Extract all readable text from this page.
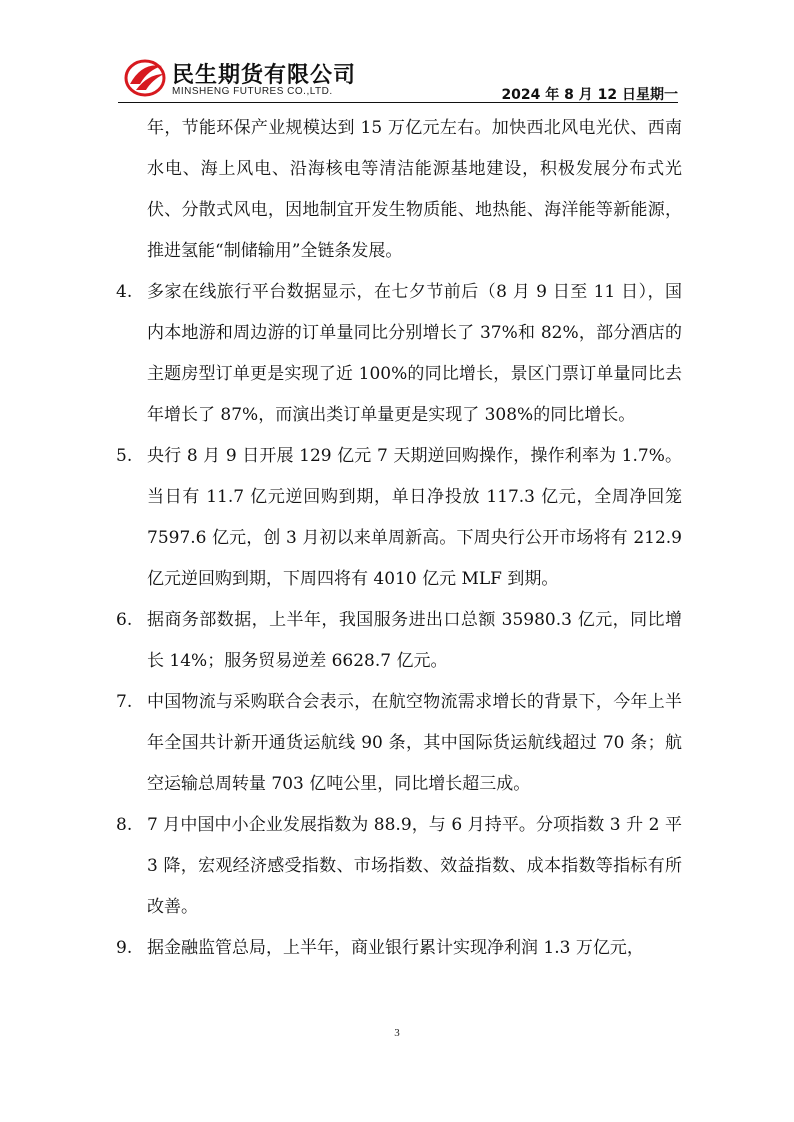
民生期货有限公司
MINSHENG FUTURES CO.,LTD.	2024 年 8 月 12 日星期一
年，节能环保产业规模达到 15 万亿元左右。加快西北风电光伏、西南水电、海上风电、沿海核电等清洁能源基地建设，积极发展分布式光伏、分散式风电，因地制宜开发生物质能、地热能、海洋能等新能源，推进氢能“制储输用”全链条发展。
4. 多家在线旅行平台数据显示，在七夕节前后（8 月 9 日至 11 日），国内本地游和周边游的订单量同比分别增长了 37%和 82%，部分酒店的主题房型订单更是实现了近 100%的同比增长，景区门票订单量同比去年增长了 87%，而演出类订单量更是实现了 308%的同比增长。
5. 央行 8 月 9 日开展 129 亿元 7 天期逆回购操作，操作利率为 1.7%。当日有 11.7 亿元逆回购到期，单日净投放 117.3 亿元，全周净回笼 7597.6 亿元，创 3 月初以来单周新高。下周央行公开市场将有 212.9 亿元逆回购到期，下周四将有 4010 亿元 MLF 到期。
6. 据商务部数据，上半年，我国服务进出口总额 35980.3 亿元，同比增长 14%；服务贸易逆差 6628.7 亿元。
7. 中国物流与采购联合会表示，在航空物流需求增长的背景下，今年上半年全国共计新开通货运航线 90 条，其中国际货运航线超过 70 条；航空运输总周转量 703 亿吨公里，同比增长超三成。
8. 7 月中国中小企业发展指数为 88.9，与 6 月持平。分项指数 3 升 2 平 3 降，宏观经济感受指数、市场指数、效益指数、成本指数等指标有所改善。
9. 据金融监管总局，上半年，商业银行累计实现净利润 1.3 万亿元，
3
